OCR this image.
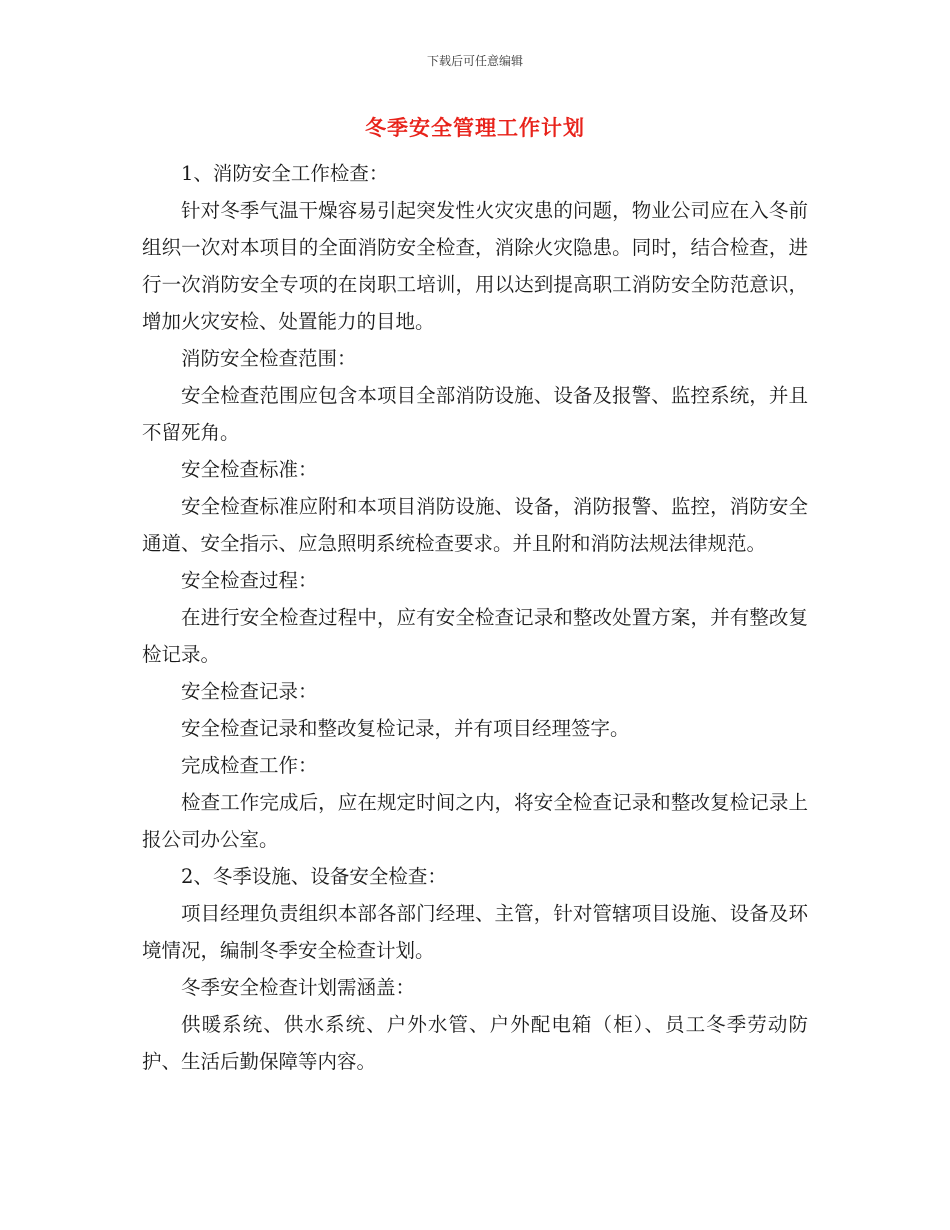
下载后可任意编辑
冬季安全管理工作计划

1、消防安全工作检查：

针对冬季气温干燥容易引起突发性火灾灾患的问题，物业公司应在入冬前组织一次对本项目的全面消防安全检查，消除火灾隐患。同时，结合检查，进行一次消防安全专项的在岗职工培训，用以达到提高职工消防安全防范意识，增加火灾安检、处置能力的目地。

消防安全检查范围：

安全检查范围应包含本项目全部消防设施、设备及报警、监控系统，并且不留死角。

安全检查标准：

安全检查标准应附和本项目消防设施、设备，消防报警、监控，消防安全通道、安全指示、应急照明系统检查要求。并且附和消防法规法律规范。

安全检查过程：

在进行安全检查过程中，应有安全检查记录和整改处置方案，并有整改复检记录。

安全检查记录：

安全检查记录和整改复检记录，并有项目经理签字。

完成检查工作：

检查工作完成后，应在规定时间之内，将安全检查记录和整改复检记录上报公司办公室。

2、冬季设施、设备安全检查：

项目经理负责组织本部各部门经理、主管，针对管辖项目设施、设备及环境情况，编制冬季安全检查计划。

冬季安全检查计划需涵盖：

供暖系统、供水系统、户外水管、户外配电箱（柜）、员工冬季劳动防护、生活后勤保障等内容。
